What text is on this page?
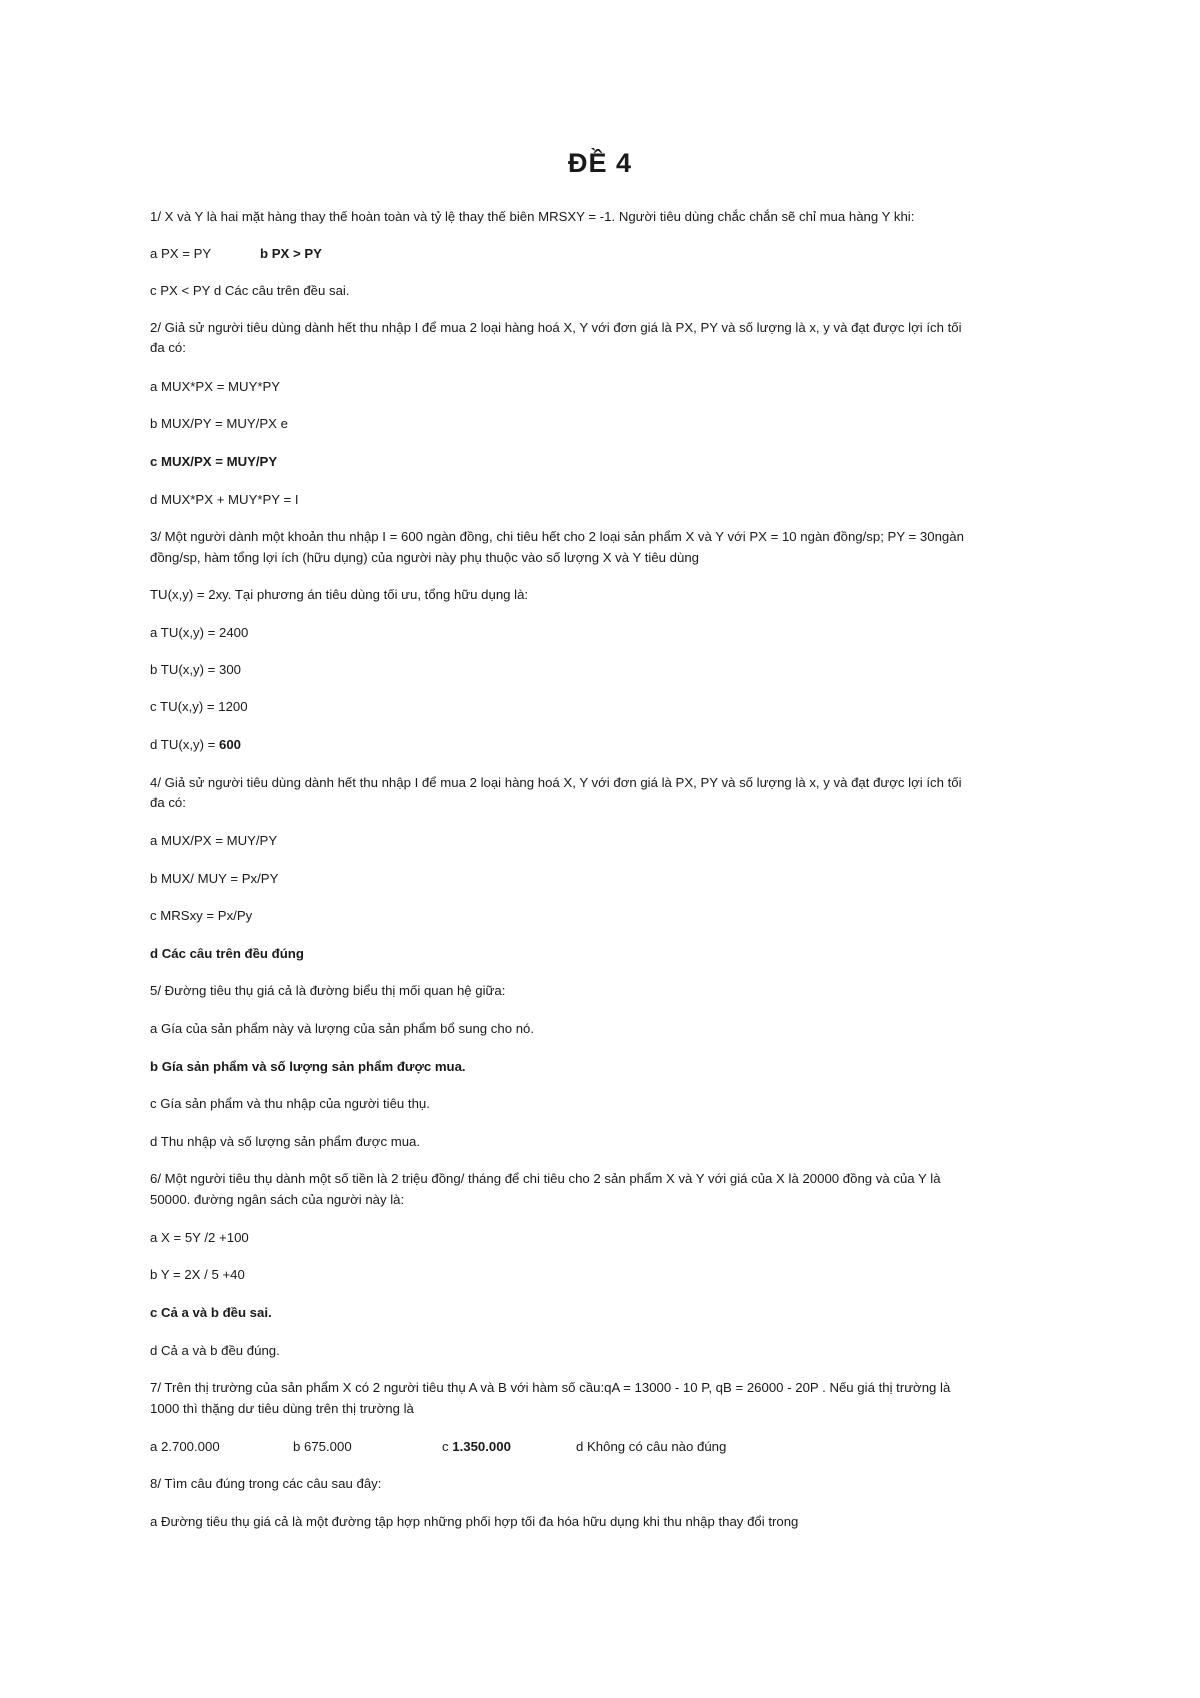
ĐỀ 4
1/ X và Y là hai mặt hàng thay thế hoàn toàn và tỷ lệ thay thế biên MRSXY = -1. Người tiêu dùng chắc chắn sẽ chỉ mua hàng Y khi:
a PX = PY	b PX > PY
c PX < PY d Các câu trên đều sai.
2/ Giả sử người tiêu dùng dành hết thu nhập I để mua 2 loại hàng hoá X, Y với đơn giá là PX, PY và số lượng là x, y và đạt được lợi ích tối
đa có:
a MUX*PX = MUY*PY
b MUX/PY = MUY/PX e
c MUX/PX = MUY/PY
d MUX*PX + MUY*PY = I
3/ Một người dành một khoản thu nhập I = 600 ngàn đồng, chi tiêu hết cho 2 loại sản phẩm X và Y với PX = 10 ngàn đồng/sp; PY = 30ngàn
đồng/sp, hàm tổng lợi ích (hữu dụng) của người này phụ thuộc vào số lượng X và Y tiêu dùng
TU(x,y) = 2xy. Tại phương án tiêu dùng tối ưu, tổng hữu dụng là:
a TU(x,y) = 2400
b TU(x,y) = 300
c TU(x,y) = 1200
d TU(x,y) = 600
4/ Giả sử người tiêu dùng dành hết thu nhập I để mua 2 loại hàng hoá X, Y với đơn giá là PX, PY và số lượng là x, y và đạt được lợi ích tối
đa có:
a MUX/PX = MUY/PY
b MUX/ MUY = Px/PY
c MRSxy = Px/Py
d Các câu trên đều đúng
5/ Đường tiêu thụ giá cả là đường biểu thị mối quan hệ giữa:
a Gía của sản phẩm này và lượng của sản phẩm bổ sung cho nó.
b Gía sản phẩm và số lượng sản phẩm được mua.
c Gía sản phẩm và thu nhập của người tiêu thụ.
d Thu nhập và số lượng sản phẩm được mua.
6/ Một người tiêu thụ dành một số tiền là 2 triệu đồng/ tháng để chi tiêu cho 2 sản phẩm X và Y với giá của X là 20000 đồng và của Y là
50000. đường ngân sách của người này là:
a X = 5Y /2 +100
b Y = 2X / 5 +40
c Cả a và b đều sai.
d Cả a và b đều đúng.
7/ Trên thị trường của sản phẩm X có 2 người tiêu thụ A và B với hàm số cầu:qA = 13000 - 10 P, qB = 26000 - 20P . Nếu giá thị trường là
1000 thì thặng dư tiêu dùng trên thị trường là
a 2.700.000	b 675.000	c 1.350.000	d Không có câu nào đúng
8/ Tìm câu đúng trong các câu sau đây:
a Đường tiêu thụ giá cả là một đường tập hợp những phối hợp tối đa hóa hữu dụng khi thu nhập thay đổi trong
